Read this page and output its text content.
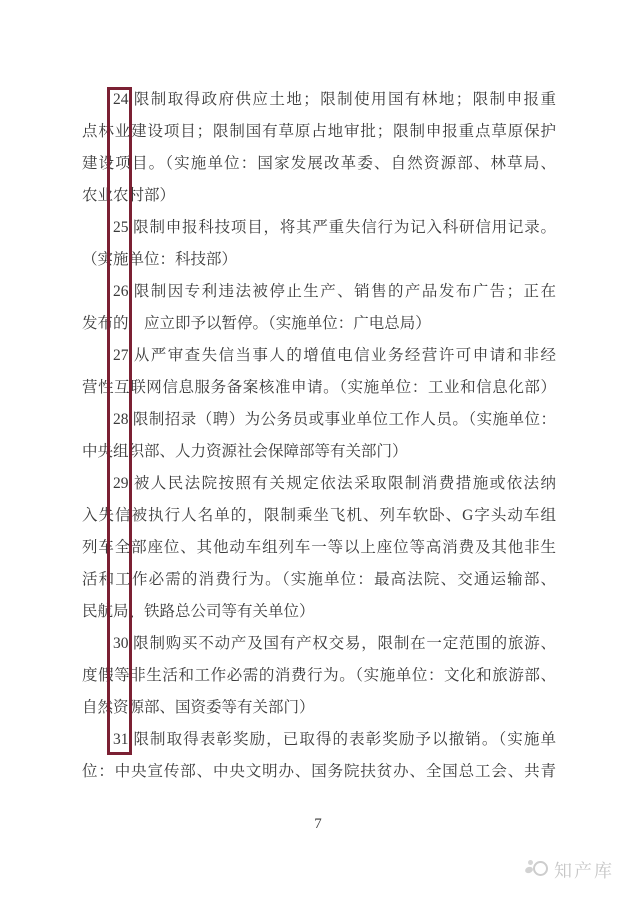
24.限制取得政府供应土地；限制使用国有林地；限制申报重
点林业建设项目；限制国有草原占地审批；限制申报重点草原保护
建设项目。（实施单位：国家发展改革委、自然资源部、林草局、
农业农村部）
25.限制申报科技项目，将其严重失信行为记入科研信用记录。
（实施单位：科技部）
26.限制因专利违法被停止生产、销售的产品发布广告；正在
发布的，应立即予以暂停。（实施单位：广电总局）
27.从严审查失信当事人的增值电信业务经营许可申请和非经
营性互联网信息服务备案核准申请。（实施单位：工业和信息化部）
28.限制招录（聘）为公务员或事业单位工作人员。（实施单位：
中央组织部、人力资源社会保障部等有关部门）
29.被人民法院按照有关规定依法采取限制消费措施或依法纳
入失信被执行人名单的，限制乘坐飞机、列车软卧、G字头动车组
列车全部座位、其他动车组列车一等以上座位等高消费及其他非生
活和工作必需的消费行为。（实施单位：最高法院、交通运输部、
民航局、铁路总公司等有关单位）
30.限制购买不动产及国有产权交易，限制在一定范围的旅游、
度假等非生活和工作必需的消费行为。（实施单位：文化和旅游部、
自然资源部、国资委等有关部门）
31.限制取得表彰奖励，已取得的表彰奖励予以撤销。（实施单
位：中央宣传部、中央文明办、国务院扶贫办、全国总工会、共青
7
知产库
